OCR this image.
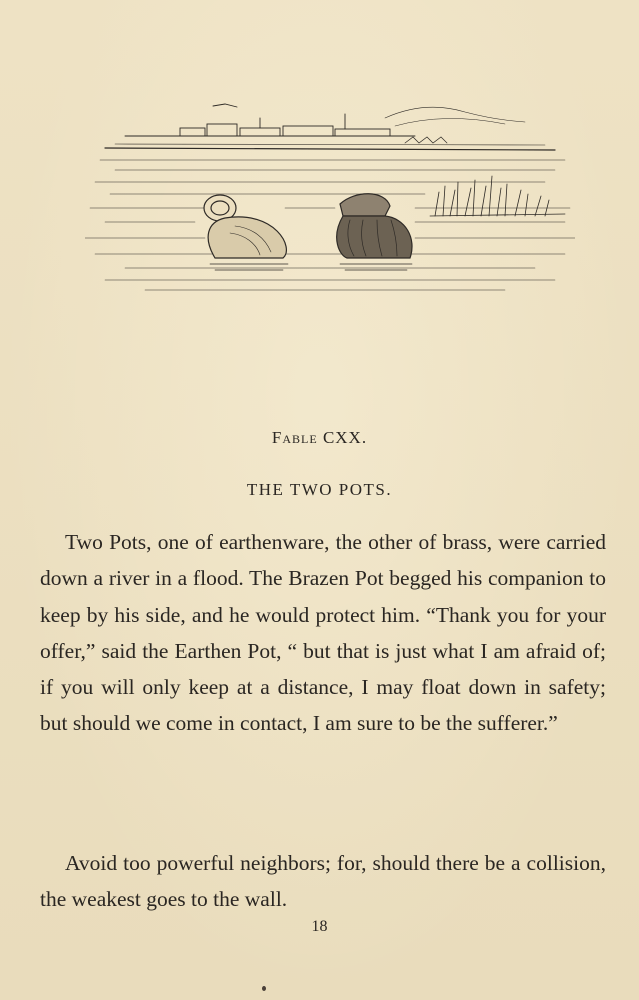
Fable CXX.
THE TWO POTS.

Two Pots, one of earthenware, the other of brass, were carried down a river in a flood. The Brazen Pot begged his companion to keep by his side, and he would protect him. “Thank you for your offer,” said the Earthen Pot, “ but that is just what I am afraid of; if you will only keep at a distance, I may float down in safety; but should we come in contact, I am sure to be the sufferer.”

Avoid too powerful neighbors; for, should there be a collision, the weakest goes to the wall.

18
